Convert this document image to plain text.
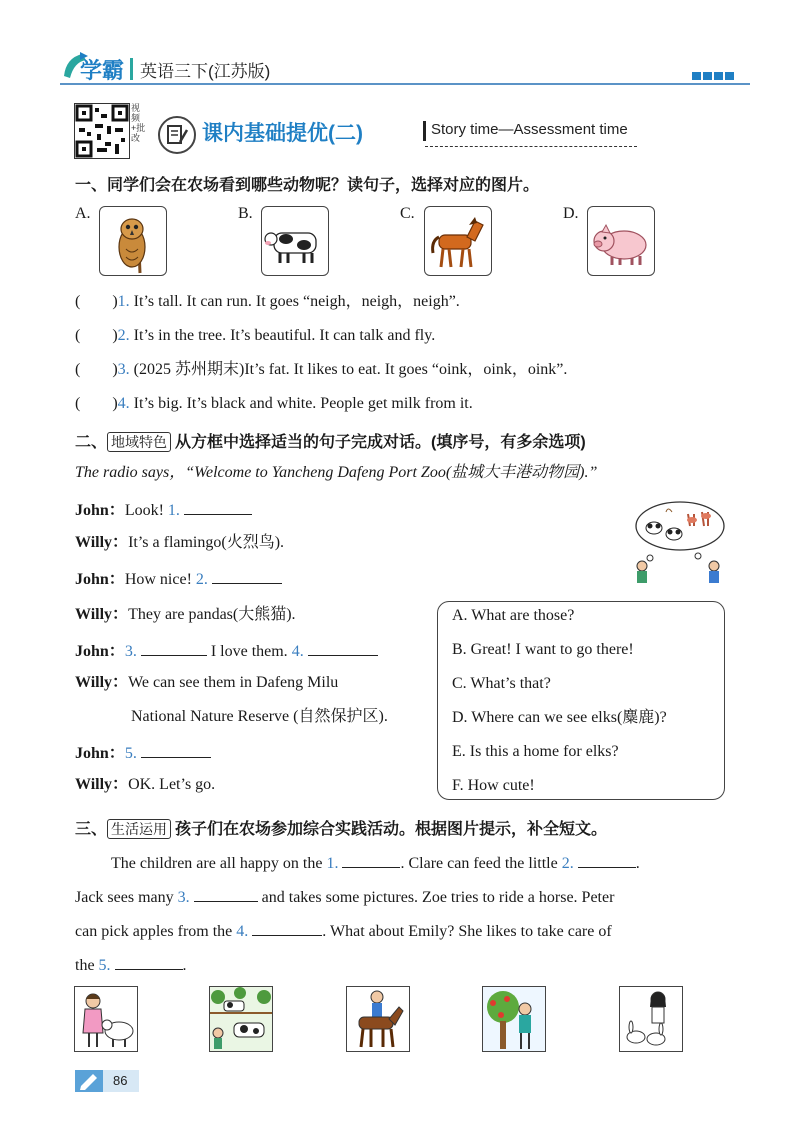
学霸 英语三下(江苏版)
视频+批改	课内基础提优(二)	Story time—Assessment time
一、同学们会在农场看到哪些动物呢？读句子，选择对应的图片。
A.	B.	C.	D.
(　　)1. It’s tall. It can run. It goes “neigh，neigh，neigh”.
(　　)2. It’s in the tree. It’s beautiful. It can talk and fly.
(　　)3. (2025 苏州期末)It’s fat. It likes to eat. It goes “oink，oink，oink”.
(　　)4. It’s big. It’s black and white. People get milk from it.
二、 地域特色 从方框中选择适当的句子完成对话。(填序号，有多余选项)
The radio says，“Welcome to Yancheng Dafeng Port Zoo(盐城大丰港动物园).”
John：Look! 1.
Willy：It’s a flamingo(火烈鸟).
John：How nice! 2.
Willy：They are pandas(大熊猫).
John：3.	I love them. 4.
Willy：We can see them in Dafeng Milu
National Nature Reserve (自然保护区).
John：5.
Willy：OK. Let’s go.
A. What are those?
B. Great! I want to go there!
C. What’s that?
D. Where can we see elks(麋鹿)?
E. Is this a home for elks?
F. How cute!
三、 生活运用 孩子们在农场参加综合实践活动。根据图片提示，补全短文。
The children are all happy on the 1.	. Clare can feed the little 2.	.
Jack sees many 3.	and takes some pictures. Zoe tries to ride a horse. Peter
can pick apples from the 4.	. What about Emily? She likes to take care of
the 5.	.
86
